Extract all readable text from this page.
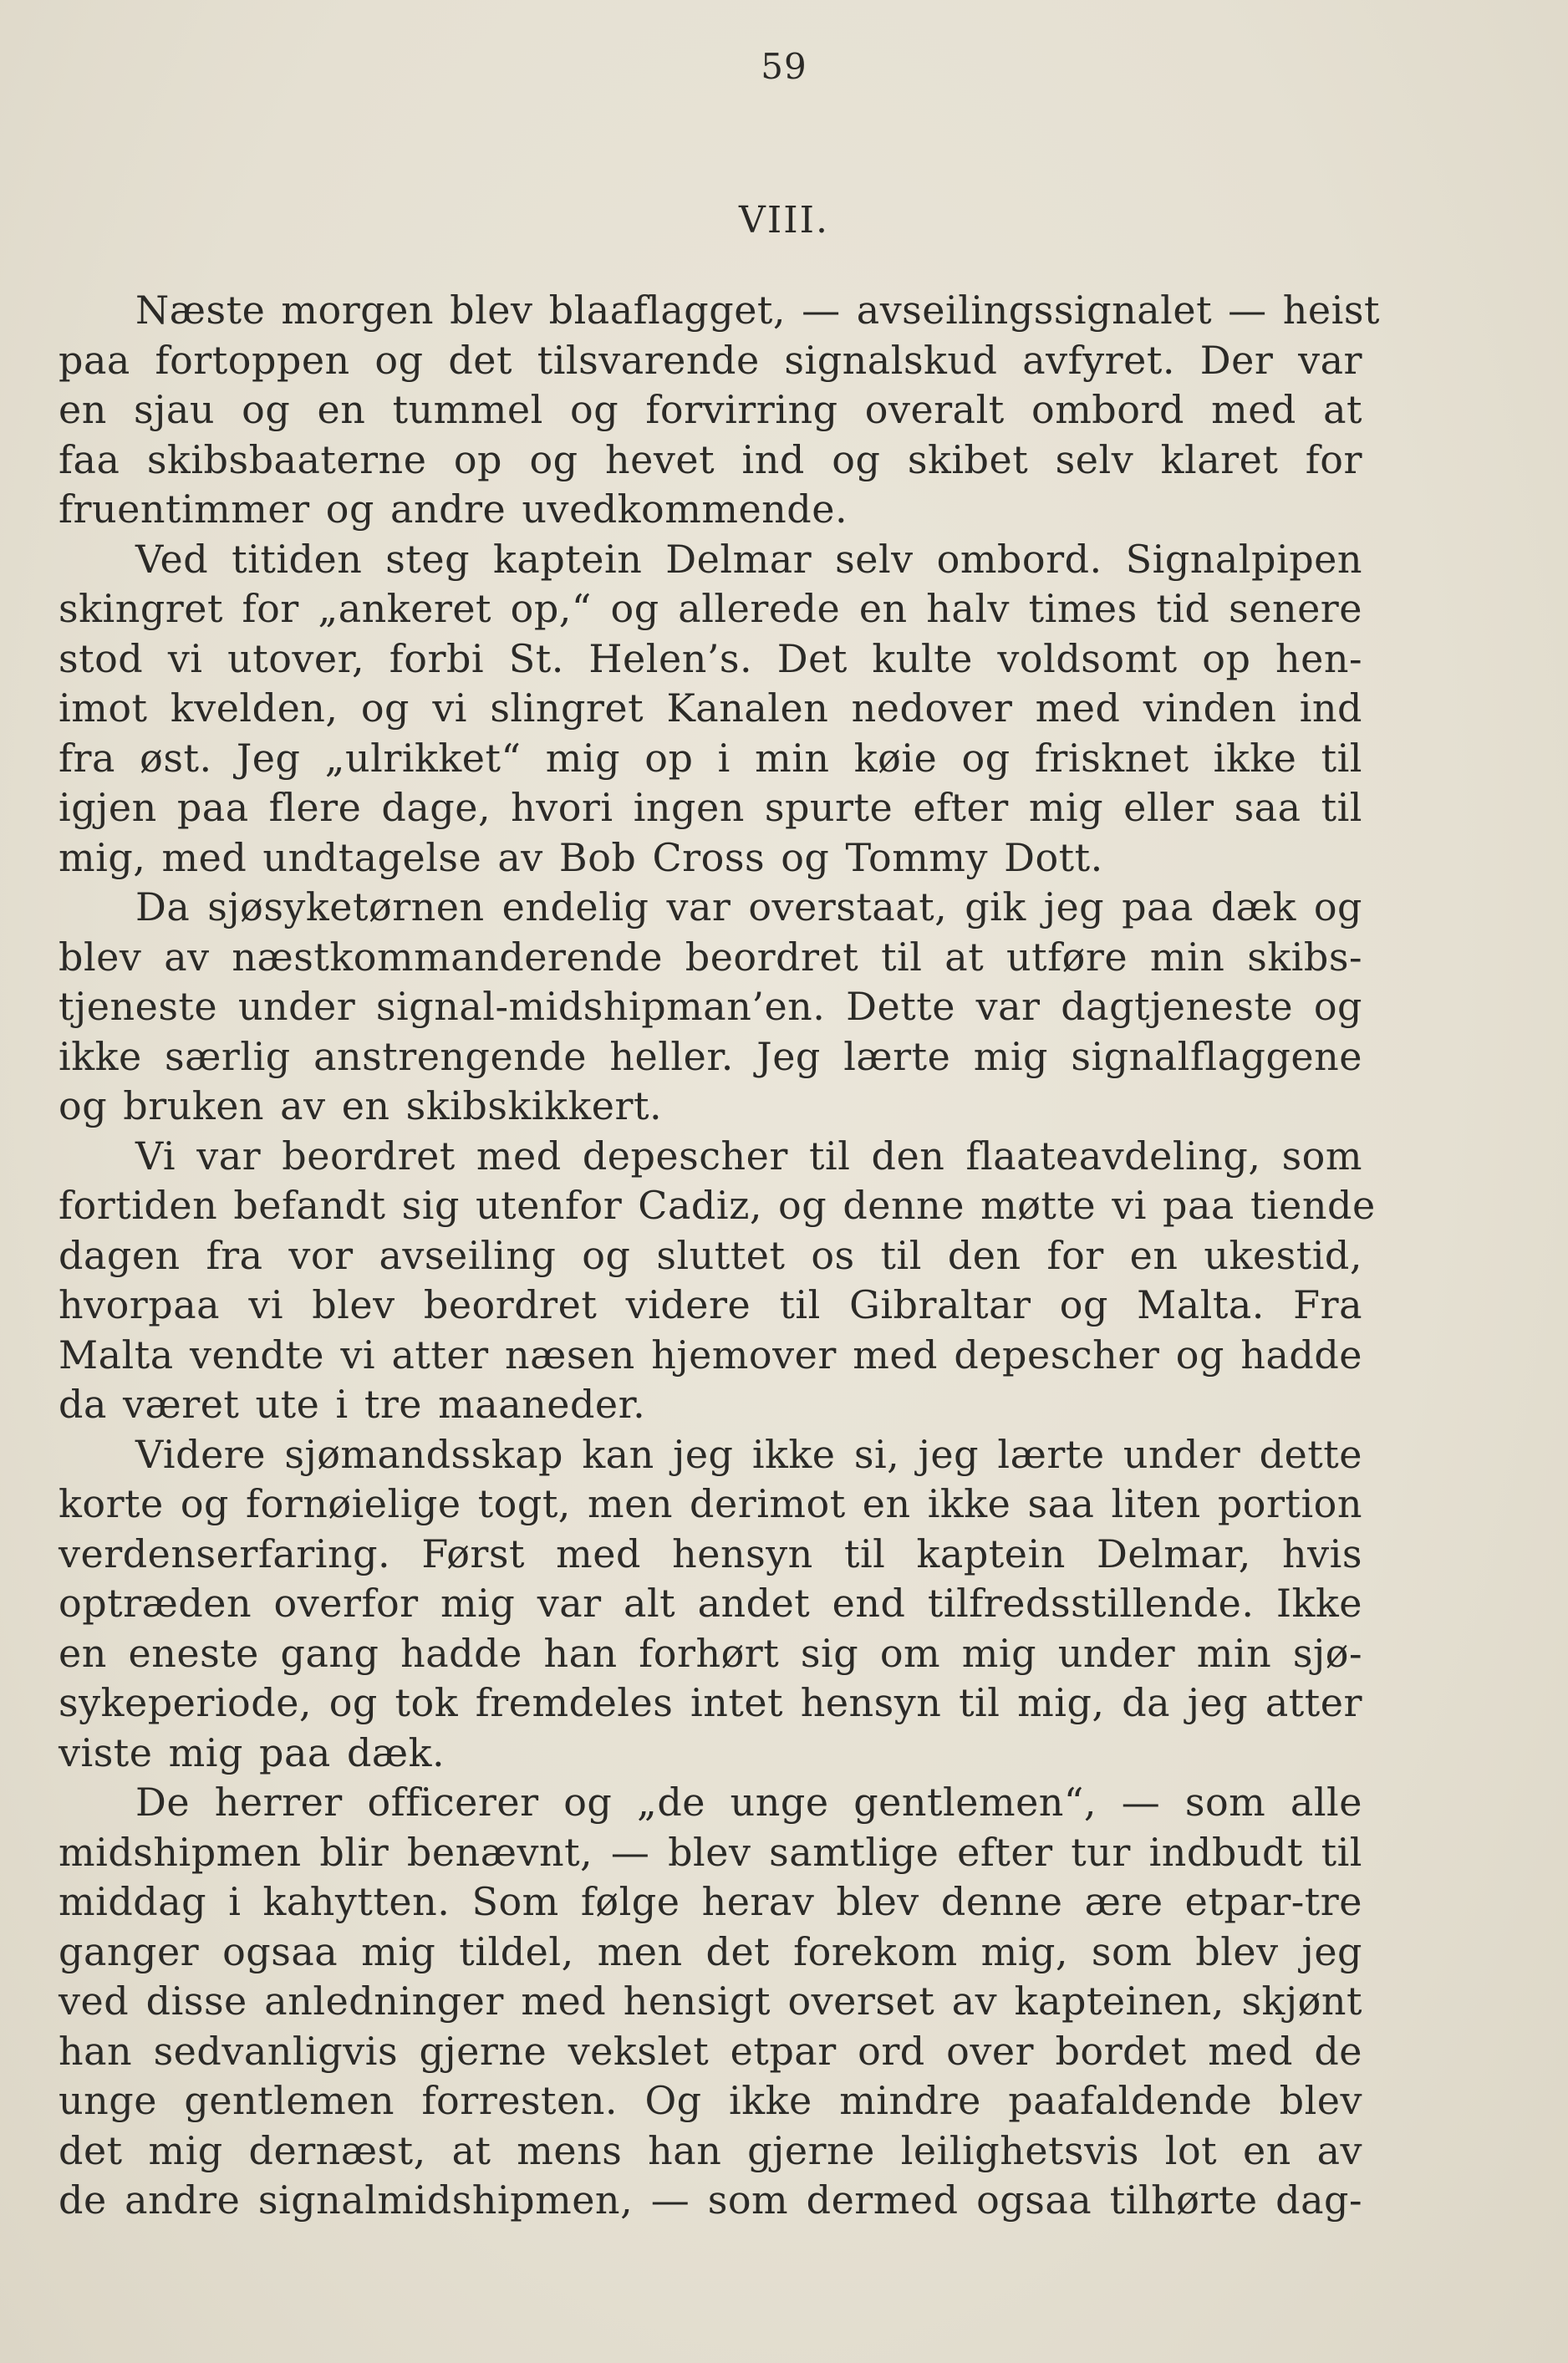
59
VIII.
Næste morgen blev blaaflagget, — avseilingssignalet — heist
paa fortoppen og det tilsvarende signalskud avfyret. Der var
en sjau og en tummel og forvirring overalt ombord med at
faa skibsbaaterne op og hevet ind og skibet selv klaret for
fruentimmer og andre uvedkommende.
Ved titiden steg kaptein Delmar selv ombord. Signalpipen
skingret for „ankeret op,“ og allerede en halv times tid senere
stod vi utover, forbi St. Helen’s. Det kulte voldsomt op hen-
imot kvelden, og vi slingret Kanalen nedover med vinden ind
fra øst. Jeg „ulrikket“ mig op i min køie og frisknet ikke til
igjen paa flere dage, hvori ingen spurte efter mig eller saa til
mig, med undtagelse av Bob Cross og Tommy Dott.
Da sjøsyketørnen endelig var overstaat, gik jeg paa dæk og
blev av næstkommanderende beordret til at utføre min skibs-
tjeneste under signal-midshipman’en. Dette var dagtjeneste og
ikke særlig anstrengende heller. Jeg lærte mig signalflaggene
og bruken av en skibskikkert.
Vi var beordret med depescher til den flaateavdeling, som
fortiden befandt sig utenfor Cadiz, og denne møtte vi paa tiende
dagen fra vor avseiling og sluttet os til den for en ukestid,
hvorpaa vi blev beordret videre til Gibraltar og Malta. Fra
Malta vendte vi atter næsen hjemover med depescher og hadde
da været ute i tre maaneder.
Videre sjømandsskap kan jeg ikke si, jeg lærte under dette
korte og fornøielige togt, men derimot en ikke saa liten portion
verdenserfaring. Først med hensyn til kaptein Delmar, hvis
optræden overfor mig var alt andet end tilfredsstillende. Ikke
en eneste gang hadde han forhørt sig om mig under min sjø-
sykeperiode, og tok fremdeles intet hensyn til mig, da jeg atter
viste mig paa dæk.
De herrer officerer og „de unge gentlemen“, — som alle
midshipmen blir benævnt, — blev samtlige efter tur indbudt til
middag i kahytten. Som følge herav blev denne ære etpar-tre
ganger ogsaa mig tildel, men det forekom mig, som blev jeg
ved disse anledninger med hensigt overset av kapteinen, skjønt
han sedvanligvis gjerne vekslet etpar ord over bordet med de
unge gentlemen forresten. Og ikke mindre paafaldende blev
det mig dernæst, at mens han gjerne leilighetsvis lot en av
de andre signalmidshipmen, — som dermed ogsaa tilhørte dag-
